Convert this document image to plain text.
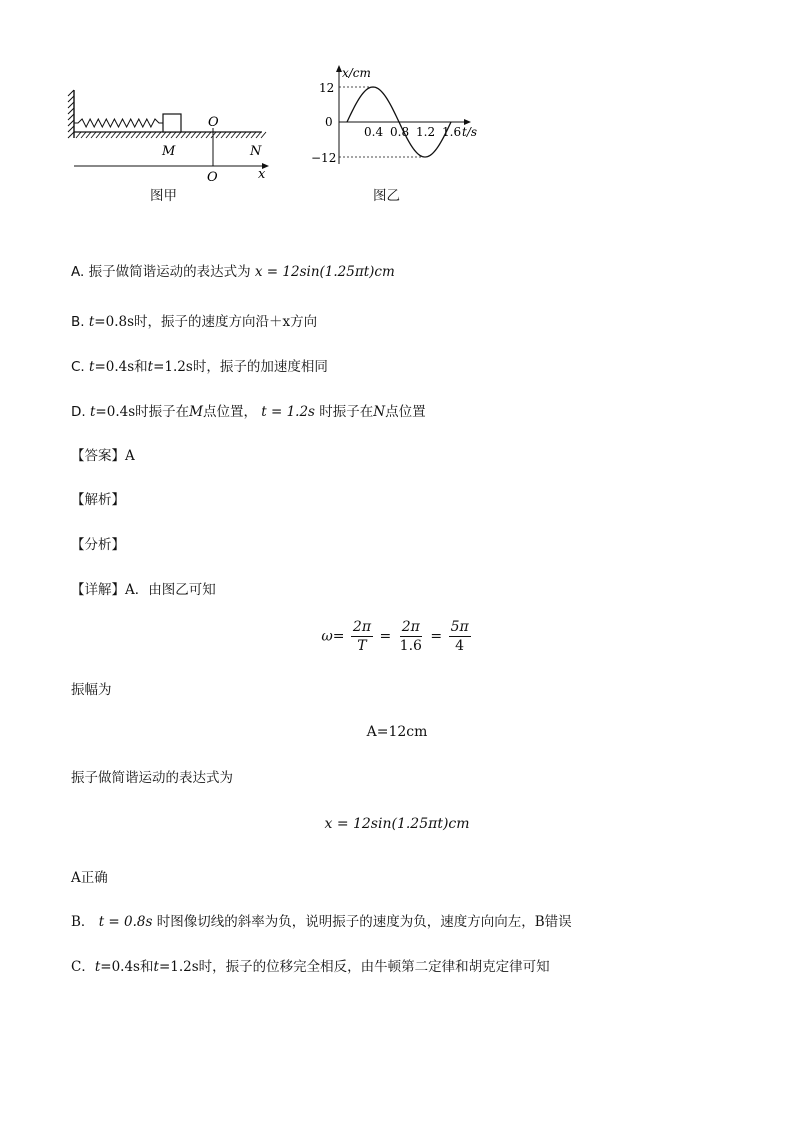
O
M	N
O	x
图甲
x/cm
t/s
12
0
−12
0.4 0.8 1.2 1.6
图乙
A. 振子做简谐运动的表达式为 x = 12sin(1.25πt)cm
B. t=0.8s时，振子的速度方向沿＋x方向
C. t=0.4s和t=1.2s时，振子的加速度相同
D. t=0.4s时振子在M点位置， t = 1.2s 时振子在N点位置
【答案】A
【解析】
【分析】
【详解】A．由图乙可知
$\omega= \frac{2\pi}{T} = \frac{2\pi}{1.6} = \frac{5\pi}{4}$
振幅为
A=12cm
振子做简谐运动的表达式为
x = 12sin(1.25πt)cm
A正确
B． t = 0.8s 时图像切线的斜率为负，说明振子的速度为负，速度方向向左，B错误
C．t=0.4s和t=1.2s时，振子的位移完全相反，由牛顿第二定律和胡克定律可知
